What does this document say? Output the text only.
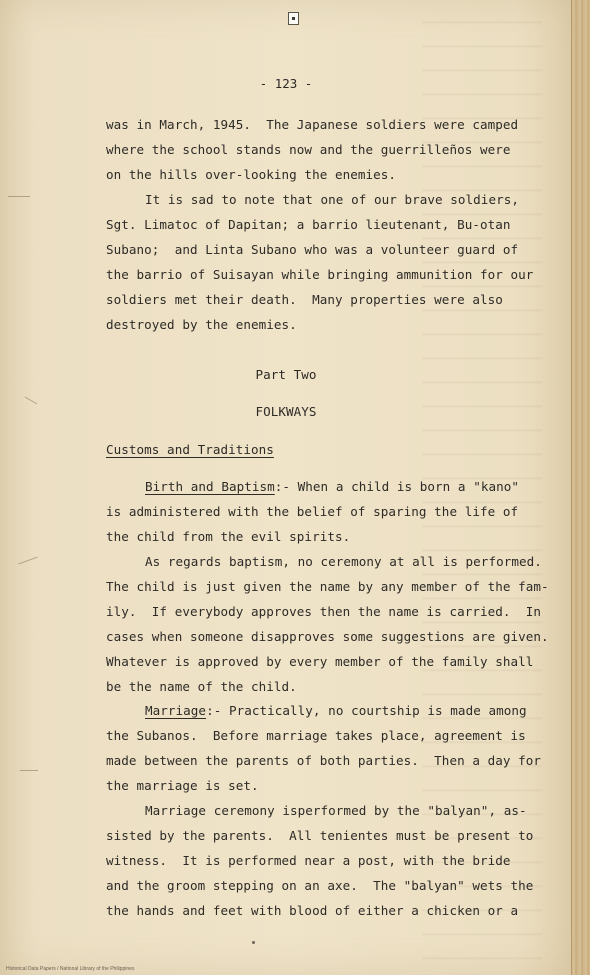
- 123 -
was in March, 1945.  The Japanese soldiers were camped
where the school stands now and the guerrilleños were
on the hills over-looking the enemies.
It is sad to note that one of our brave soldiers,
Sgt. Limatoc of Dapitan; a barrio lieutenant, Bu-otan
Subano;  and Linta Subano who was a volunteer guard of
the barrio of Suisayan while bringing ammunition for our
soldiers met their death.  Many properties were also
destroyed by the enemies.
Part Two
FOLKWAYS
Customs and Traditions
Birth and Baptism:- When a child is born a "kano"
is administered with the belief of sparing the life of
the child from the evil spirits.
As regards baptism, no ceremony at all is performed.
The child is just given the name by any member of the fam-
ily.  If everybody approves then the name is carried.  In
cases when someone disapproves some suggestions are given.
Whatever is approved by every member of the family shall
be the name of the child.
Marriage:- Practically, no courtship is made among
the Subanos.  Before marriage takes place, agreement is
made between the parents of both parties.  Then a day for
the marriage is set.
Marriage ceremony isperformed by the "balyan", as-
sisted by the parents.  All tenientes must be present to
witness.  It is performed near a post, with the bride
and the groom stepping on an axe.  The "balyan" wets the
the hands and feet with blood of either a chicken or a
Historical Data Papers / National Library of the Philippines
